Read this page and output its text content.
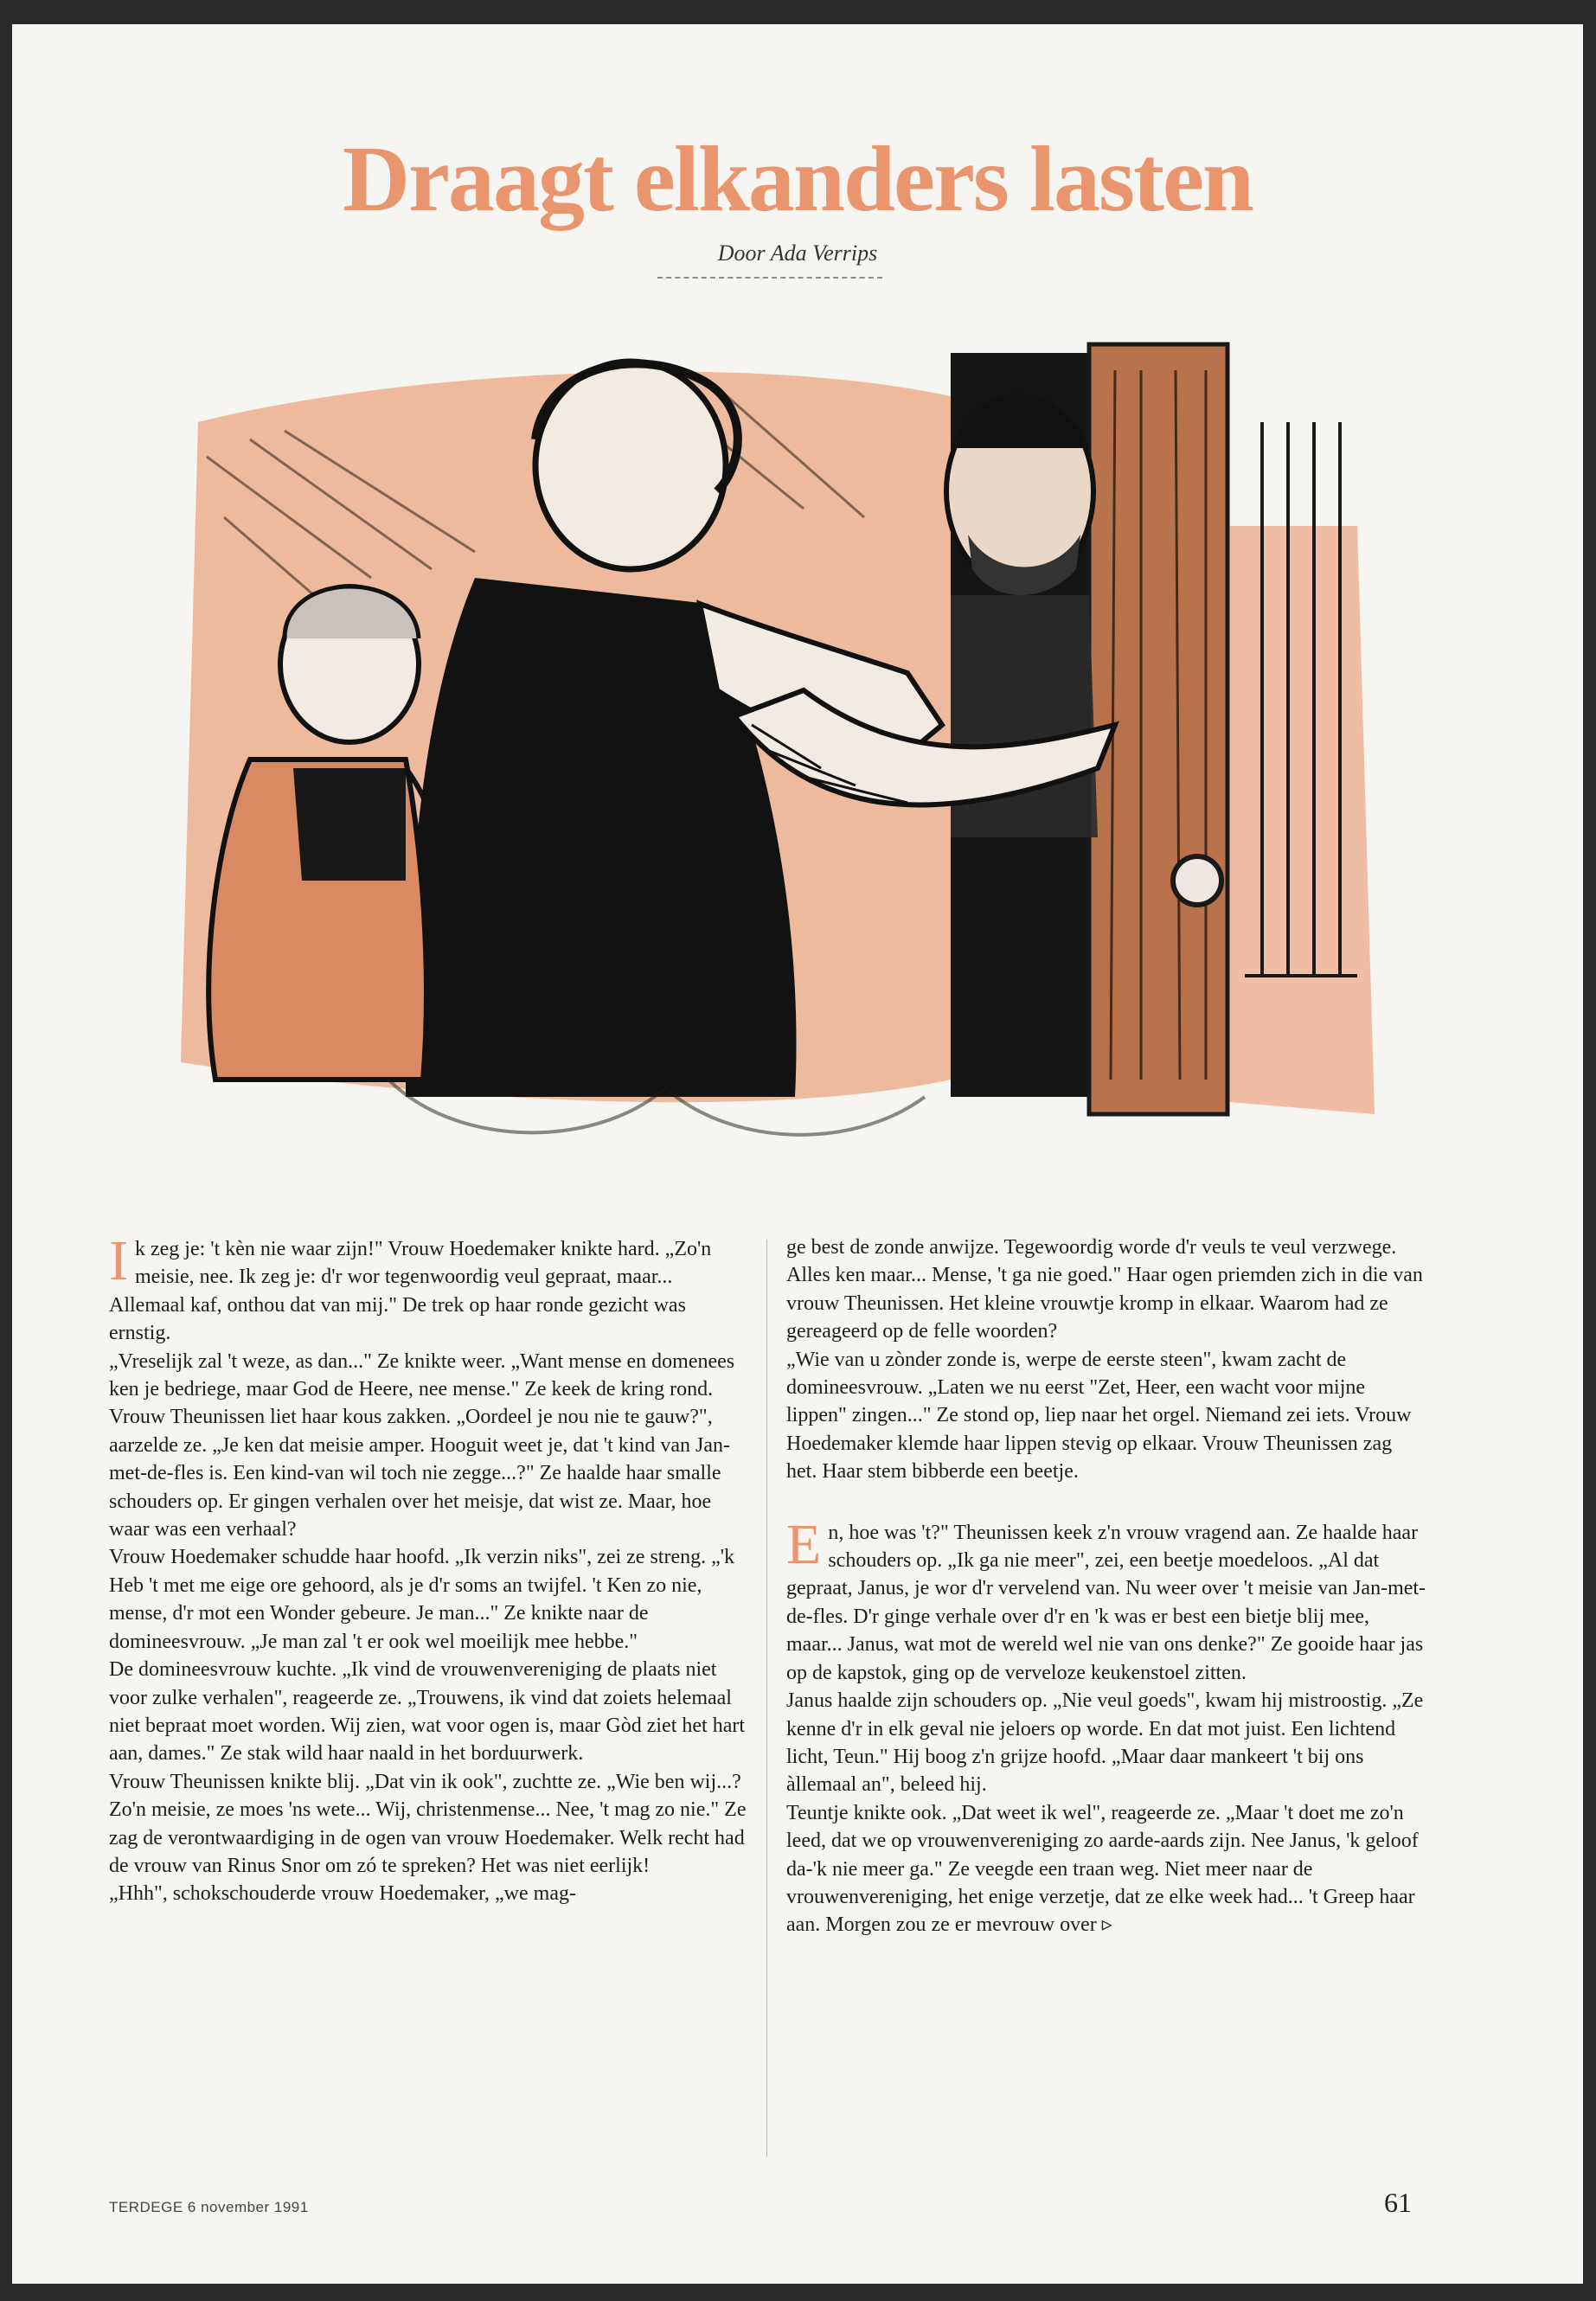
Draagt elkanders lasten
Door Ada Verrips

Ik zeg je: 't kèn nie waar zijn!" Vrouw Hoedemaker knikte hard. „Zo'n meisie, nee. Ik zeg je: d'r wor tegenwoordig veul gepraat, maar... Allemaal kaf, onthou dat van mij." De trek op haar ronde gezicht was ernstig.

„Vreselijk zal 't weze, as dan..." Ze knikte weer. „Want mense en domenees ken je bedriege, maar God de Heere, nee mense." Ze keek de kring rond.

Vrouw Theunissen liet haar kous zakken. „Oordeel je nou nie te gauw?", aarzelde ze. „Je ken dat meisie amper. Hooguit weet je, dat 't kind van Jan-met-de-fles is. Een kind-van wil toch nie zegge...?" Ze haalde haar smalle schouders op. Er gingen verhalen over het meisje, dat wist ze. Maar, hoe waar was een verhaal?

Vrouw Hoedemaker schudde haar hoofd. „Ik verzin niks", zei ze streng. „'k Heb 't met me eige ore gehoord, als je d'r soms an twijfel. 't Ken zo nie, mense, d'r mot een Wonder gebeure. Je man..." Ze knikte naar de domineesvrouw. „Je man zal 't er ook wel moeilijk mee hebbe."

De domineesvrouw kuchte. „Ik vind de vrouwenvereniging de plaats niet voor zulke verhalen", reageerde ze. „Trouwens, ik vind dat zoiets helemaal niet bepraat moet worden. Wij zien, wat voor ogen is, maar Gòd ziet het hart aan, dames." Ze stak wild haar naald in het borduurwerk.

Vrouw Theunissen knikte blij. „Dat vin ik ook", zuchtte ze. „Wie ben wij...? Zo'n meisie, ze moes 'ns wete... Wij, christenmense... Nee, 't mag zo nie." Ze zag de verontwaardiging in de ogen van vrouw Hoedemaker. Welk recht had de vrouw van Rinus Snor om zó te spreken? Het was niet eerlijk!

„Hhh", schokschouderde vrouw Hoedemaker, „we mag-

ge best de zonde anwijze. Tegewoordig worde d'r veuls te veul verzwege. Alles ken maar... Mense, 't ga nie goed." Haar ogen priemden zich in die van vrouw Theunissen. Het kleine vrouwtje kromp in elkaar. Waarom had ze gereageerd op de felle woorden?

„Wie van u zònder zonde is, werpe de eerste steen", kwam zacht de domineesvrouw. „Laten we nu eerst "Zet, Heer, een wacht voor mijne lippen" zingen..." Ze stond op, liep naar het orgel. Niemand zei iets. Vrouw Hoedemaker klemde haar lippen stevig op elkaar. Vrouw Theunissen zag het. Haar stem bibberde een beetje.

En, hoe was 't?" Theunissen keek z'n vrouw vragend aan. Ze haalde haar schouders op. „Ik ga nie meer", zei, een beetje moedeloos. „Al dat gepraat, Janus, je wor d'r vervelend van. Nu weer over 't meisie van Jan-met-de-fles. D'r ginge verhale over d'r en 'k was er best een bietje blij mee, maar... Janus, wat mot de wereld wel nie van ons denke?" Ze gooide haar jas op de kapstok, ging op de verveloze keukenstoel zitten.

Janus haalde zijn schouders op. „Nie veul goeds", kwam hij mistroostig. „Ze kenne d'r in elk geval nie jeloers op worde. En dat mot juist. Een lichtend licht, Teun." Hij boog z'n grijze hoofd. „Maar daar mankeert 't bij ons àllemaal an", beleed hij.

Teuntje knikte ook. „Dat weet ik wel", reageerde ze. „Maar 't doet me zo'n leed, dat we op vrouwenvereniging zo aarde-aards zijn. Nee Janus, 'k geloof da-'k nie meer ga." Ze veegde een traan weg. Niet meer naar de vrouwenvereniging, het enige verzetje, dat ze elke week had... 't Greep haar aan. Morgen zou ze er mevrouw over ▹

TERDEGE 6 november 1991	61
